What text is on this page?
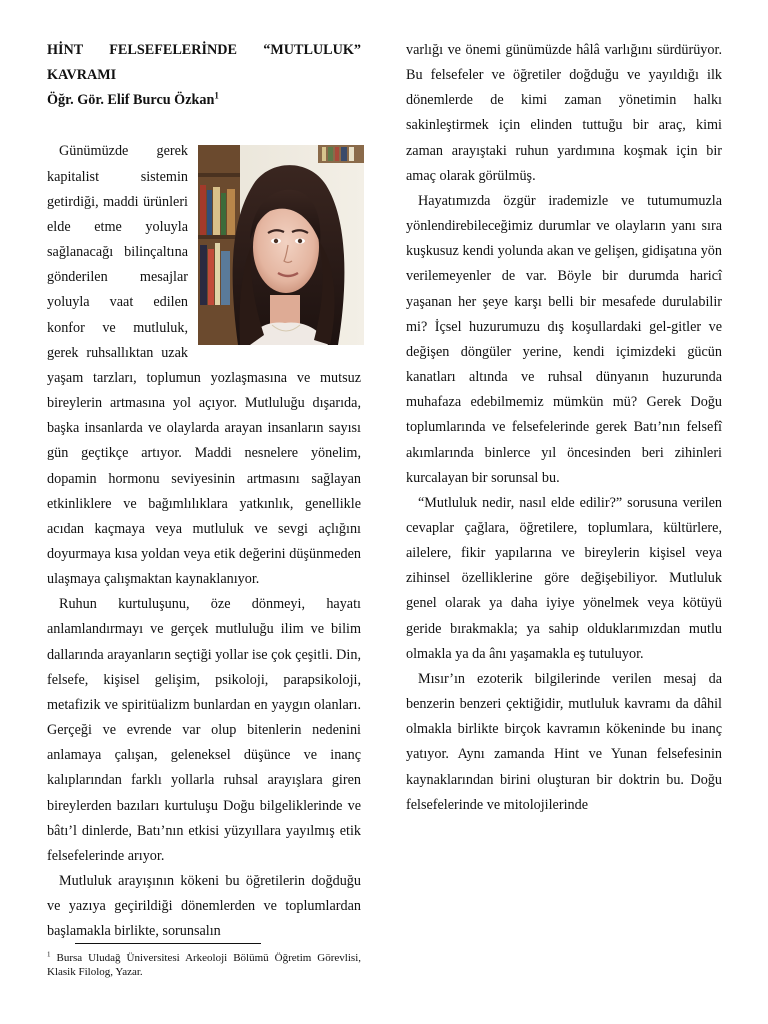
HİNT FELSEFELERİNDE “MUTLULUK” KAVRAMI

Öğr. Gör. Elif Burcu Özkan$^1$

Günümüzde gerek kapitalist sistemin getirdiği, maddi ürünleri elde etme yoluyla sağlanacağı bilinçaltına gönderilen mesajlar yoluyla vaat edilen konfor ve mutluluk, gerek ruhsallıktan uzak yaşam tarzları, toplumun yozlaşmasına ve mutsuz bireylerin artmasına yol açıyor. Mutluluğu dışarıda, başka insanlarda ve olaylarda arayan insanların sayısı gün geçtikçe artıyor. Maddi nesnelere yönelim, dopamin hormonu seviyesinin artmasını sağlayan etkinliklere ve bağımlılıklara yatkınlık, genellikle acıdan kaçmaya veya mutluluk ve sevgi açlığını doyurmaya kısa yoldan veya etik değerini düşünmeden ulaşmaya çalışmaktan kaynaklanıyor.

Ruhun kurtuluşunu, öze dönmeyi, hayatı anlamlandırmayı ve gerçek mutluluğu ilim ve bilim dallarında arayanların seçtiği yollar ise çok çeşitli. Din, felsefe, kişisel gelişim, psikoloji, parapsikoloji, metafizik ve spiritüalizm bunlardan en yaygın olanları. Gerçeği ve evrende var olup bitenlerin nedenini anlamaya çalışan, geleneksel düşünce ve inanç kalıplarından farklı yollarla ruhsal arayışlara giren bireylerden bazıları kurtuluşu Doğu bilgeliklerinde ve bâtı’l dinlerde, Batı’nın etkisi yüzyıllara yayılmış etik felsefelerinde arıyor.

Mutluluk arayışının kökeni bu öğretilerin doğduğu ve yazıya geçirildiği dönemlerden ve toplumlardan başlamakla birlikte, sorunsalın

varlığı ve önemi günümüzde hâlâ varlığını sürdürüyor. Bu felsefeler ve öğretiler doğduğu ve yayıldığı ilk dönemlerde de kimi zaman yönetimin halkı sakinleştirmek için elinden tuttuğu bir araç, kimi zaman arayıştaki ruhun yardımına koşmak için bir amaç olarak görülmüş.

Hayatımızda özgür irademizle ve tutumumuzla yönlendirebileceğimiz durumlar ve olayların yanı sıra kuşkusuz kendi yolunda akan ve gelişen, gidişatına yön verilemeyenler de var. Böyle bir durumda haricî yaşanan her şeye karşı belli bir mesafede durulabilir mi? İçsel huzurumuzu dış koşullardaki gel-gitler ve değişen döngüler yerine, kendi içimizdeki gücün kanatları altında ve ruhsal dünyanın huzurunda muhafaza edebilmemiz mümkün mü? Gerek Doğu toplumlarında ve felsefelerinde gerek Batı’nın felsefî akımlarında binlerce yıl öncesinden beri zihinleri kurcalayan bir sorunsal bu.

“Mutluluk nedir, nasıl elde edilir?” sorusuna verilen cevaplar çağlara, öğretilere, toplumlara, kültürlere, ailelere, fikir yapılarına ve bireylerin kişisel veya zihinsel özelliklerine göre değişebiliyor. Mutluluk genel olarak ya daha iyiye yönelmek veya kötüyü geride bırakmakla; ya sahip olduklarımızdan mutlu olmakla ya da ânı yaşamakla eş tutuluyor.

Mısır’ın ezoterik bilgilerinde verilen mesaj da benzerin benzeri çektiğidir, mutluluk kavramı da dâhil olmakla birlikte birçok kavramın kökeninde bu inanç yatıyor. Aynı zamanda Hint ve Yunan felsefesinin kaynaklarından birini oluşturan bir doktrin bu. Doğu felsefelerinde ve mitolojilerinde

$^1$ Bursa Uludağ Üniversitesi Arkeoloji Bölümü Öğretim Görevlisi, Klasik Filolog, Yazar.
